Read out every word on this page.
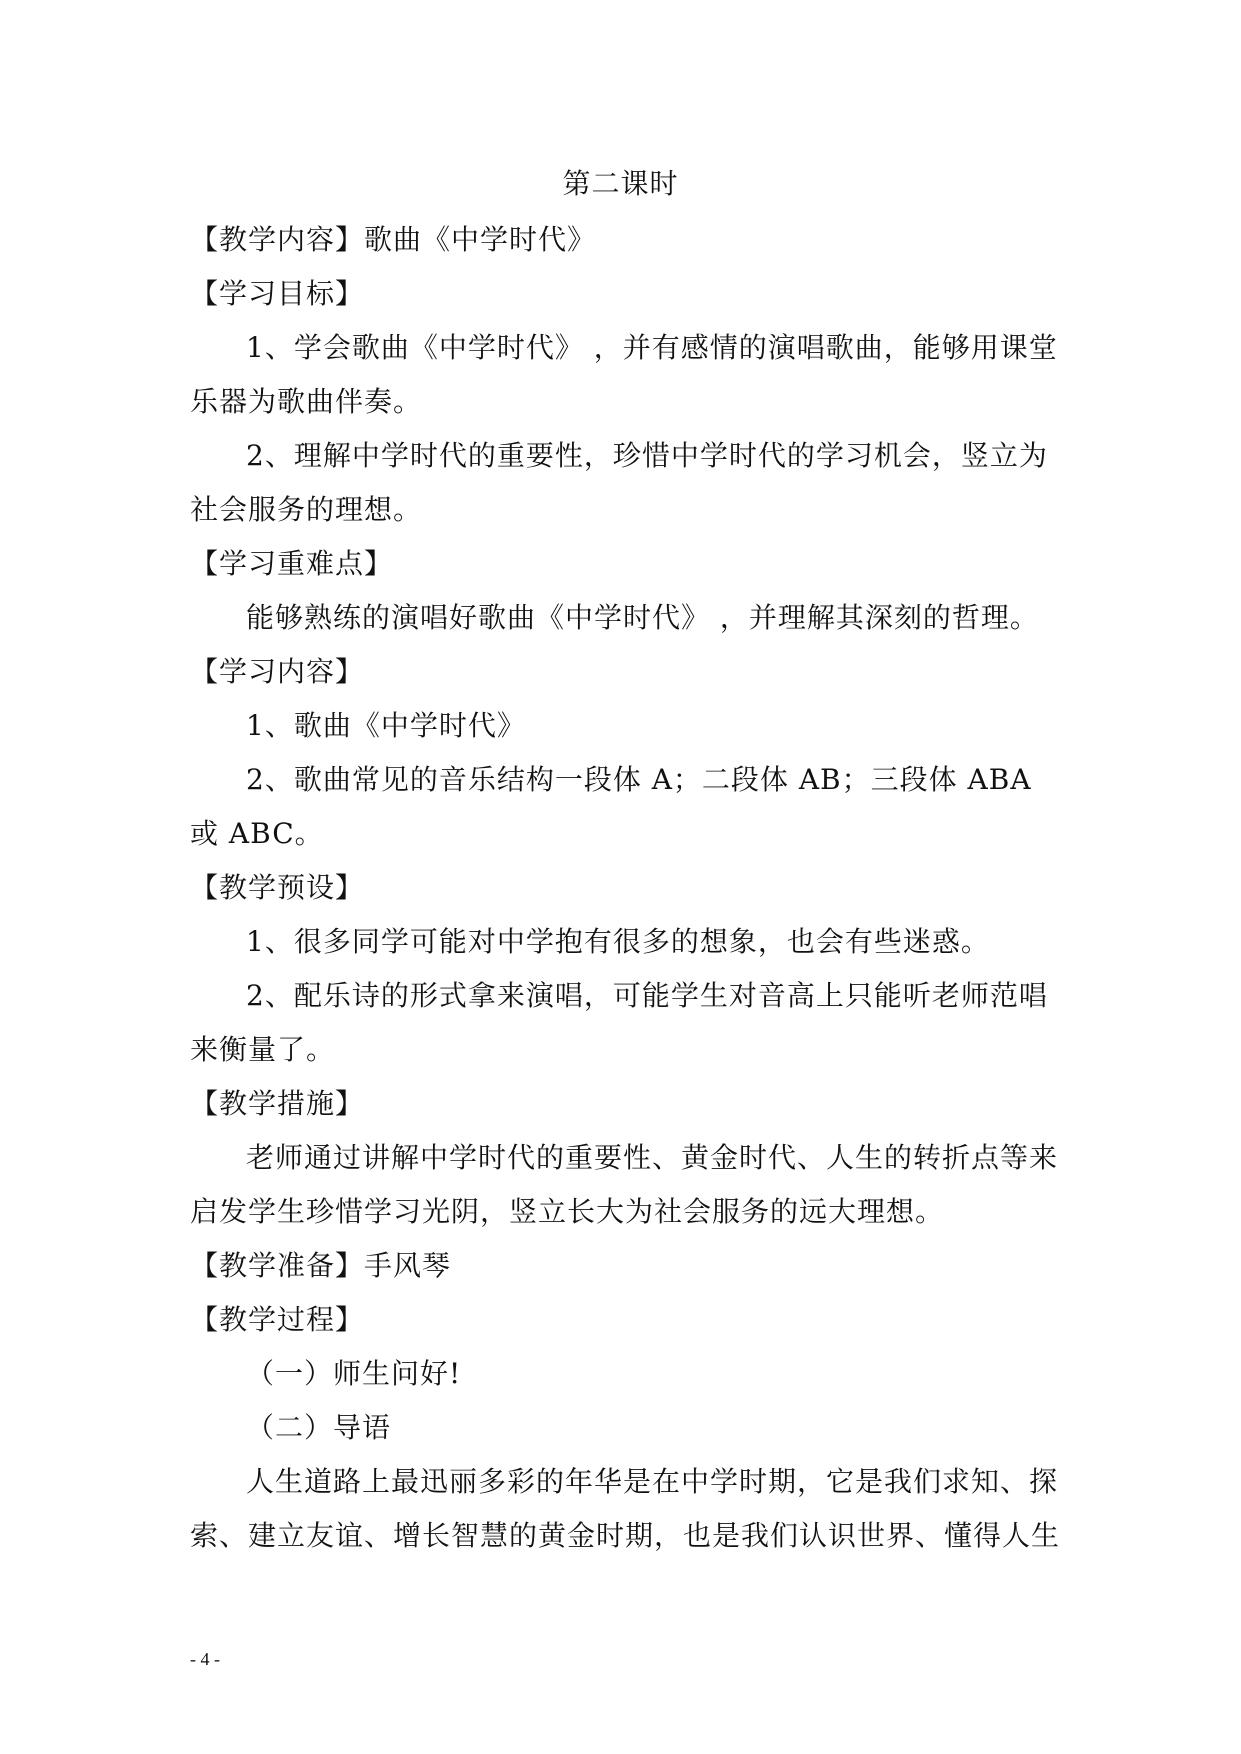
第二课时
【教学内容】歌曲《中学时代》
【学习目标】
1、学会歌曲《中学时代》 ，并有感情的演唱歌曲，能够用课堂
乐器为歌曲伴奏。
2、理解中学时代的重要性，珍惜中学时代的学习机会，竖立为
社会服务的理想。
【学习重难点】
能够熟练的演唱好歌曲《中学时代》 ，并理解其深刻的哲理。
【学习内容】
1、歌曲《中学时代》
2、歌曲常见的音乐结构一段体 A；二段体 AB；三段体 ABA
或 ABC。
【教学预设】
1、很多同学可能对中学抱有很多的想象，也会有些迷惑。
2、配乐诗的形式拿来演唱，可能学生对音高上只能听老师范唱
来衡量了。
【教学措施】
老师通过讲解中学时代的重要性、黄金时代、人生的转折点等来
启发学生珍惜学习光阴，竖立长大为社会服务的远大理想。
【教学准备】手风琴
【教学过程】
（一）师生问好!
（二）导语
人生道路上最迅丽多彩的年华是在中学时期，它是我们求知、探
索、建立友谊、增长智慧的黄金时期，也是我们认识世界、懂得人生
- 4 -
